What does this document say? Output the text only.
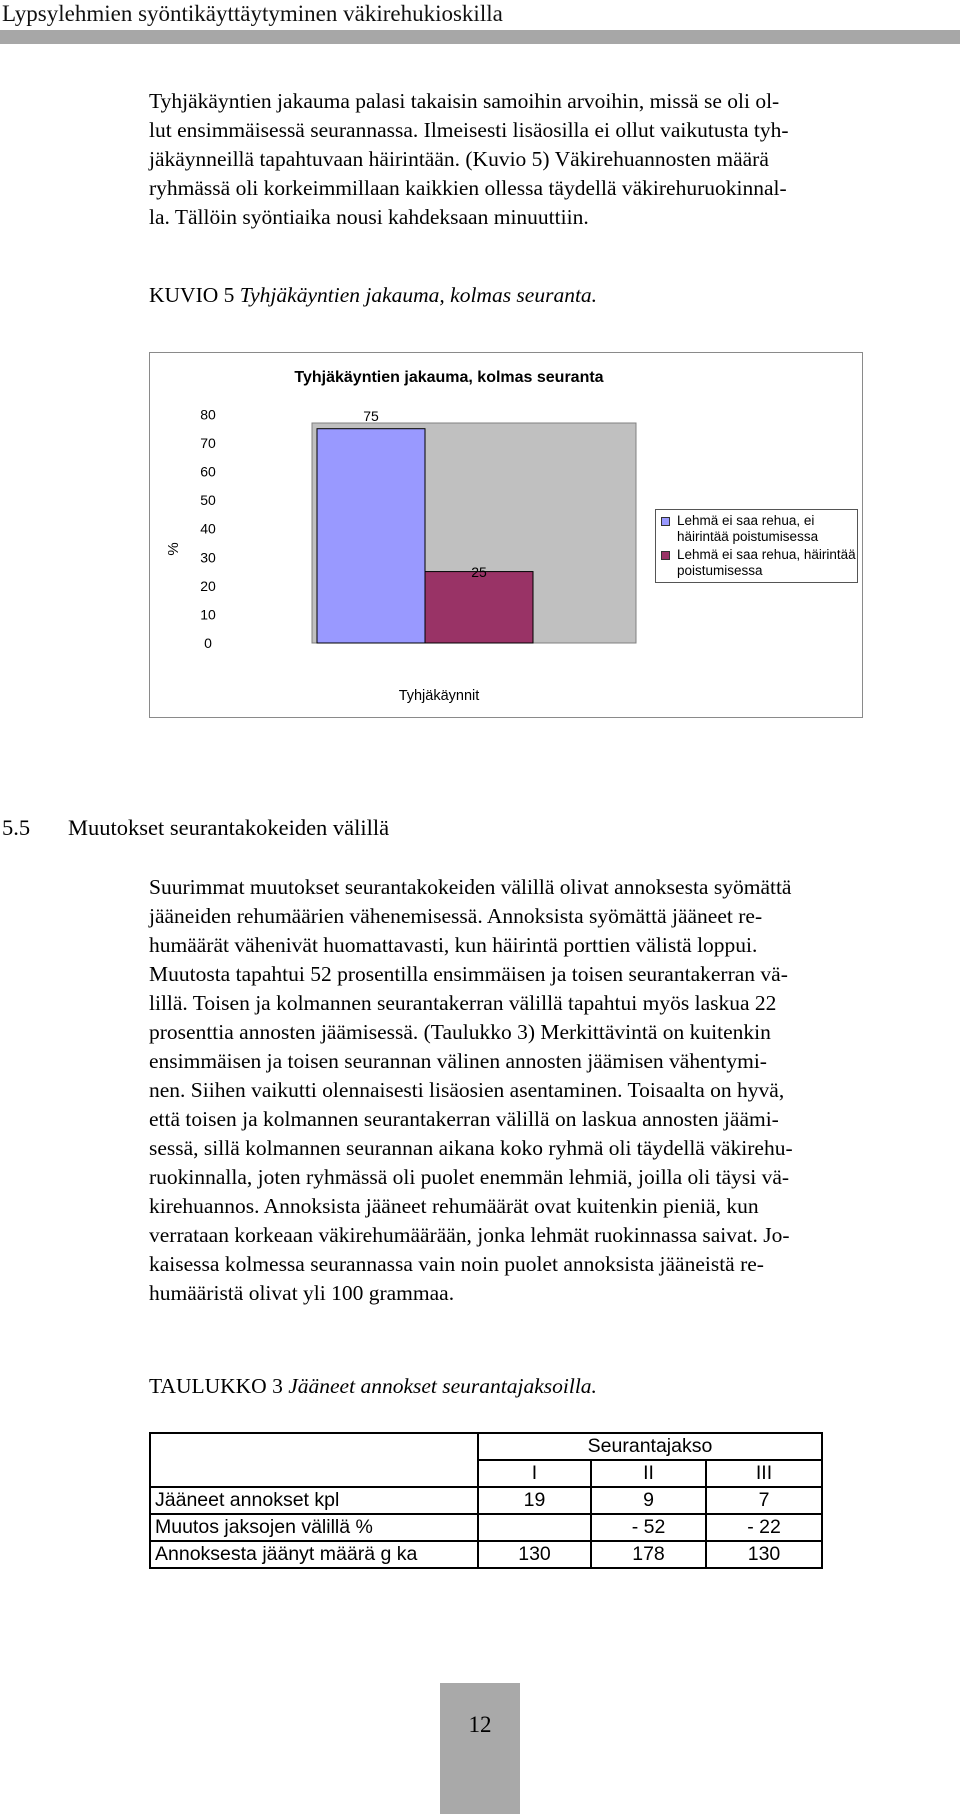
Lypsylehmien syöntikäyttäytyminen väkirehukioskilla

Tyhjäkäyntien jakauma palasi takaisin samoihin arvoihin, missä se oli ol-
lut ensimmäisessä seurannassa. Ilmeisesti lisäosilla ei ollut vaikutusta tyh-
jäkäynneillä tapahtuvaan häirintään. (Kuvio 5) Väkirehuannosten määrä
ryhmässä oli korkeimmillaan kaikkien ollessa täydellä väkirehuruokinnal-
la. Tällöin syöntiaika nousi kahdeksaan minuuttiin.

KUVIO 5 Tyhjäkäyntien jakauma, kolmas seuranta.
Tyhjäkäyntien jakauma, kolmas seuranta
0
10
20
30
40
50
60
70
80
%
75
25
Tyhjäkäynnit
Lehmä ei saa rehua, ei häirintää poistumisessa
Lehmä ei saa rehua, häirintää poistumisessa
5.5 Muutokset seurantakokeiden välillä

Suurimmat muutokset seurantakokeiden välillä olivat annoksesta syömättä
jääneiden rehumäärien vähenemisessä. Annoksista syömättä jääneet re-
humäärät vähenivät huomattavasti, kun häirintä porttien välistä loppui.
Muutosta tapahtui 52 prosentilla ensimmäisen ja toisen seurantakerran vä-
lillä. Toisen ja kolmannen seurantakerran välillä tapahtui myös laskua 22
prosenttia annosten jäämisessä. (Taulukko 3) Merkittävintä on kuitenkin
ensimmäisen ja toisen seurannan välinen annosten jäämisen vähentymi-
nen. Siihen vaikutti olennaisesti lisäosien asentaminen. Toisaalta on hyvä,
että toisen ja kolmannen seurantakerran välillä on laskua annosten jäämi-
sessä, sillä kolmannen seurannan aikana koko ryhmä oli täydellä väkirehu-
ruokinnalla, joten ryhmässä oli puolet enemmän lehmiä, joilla oli täysi vä-
kirehuannos. Annoksista jääneet rehumäärät ovat kuitenkin pieniä, kun
verrataan korkeaan väkirehumäärään, jonka lehmät ruokinnassa saivat. Jo-
kaisessa kolmessa seurannassa vain noin puolet annoksista jääneistä re-
humääristä olivat yli 100 grammaa.

TAULUKKO 3 Jääneet annokset seurantajaksoilla.
	Seurantajakso		
	I	II	III
Jääneet annokset kpl	19	9	7
Muutos jaksojen välillä %		- 52	- 22
Annoksesta jäänyt määrä g ka	130	178	130
12
